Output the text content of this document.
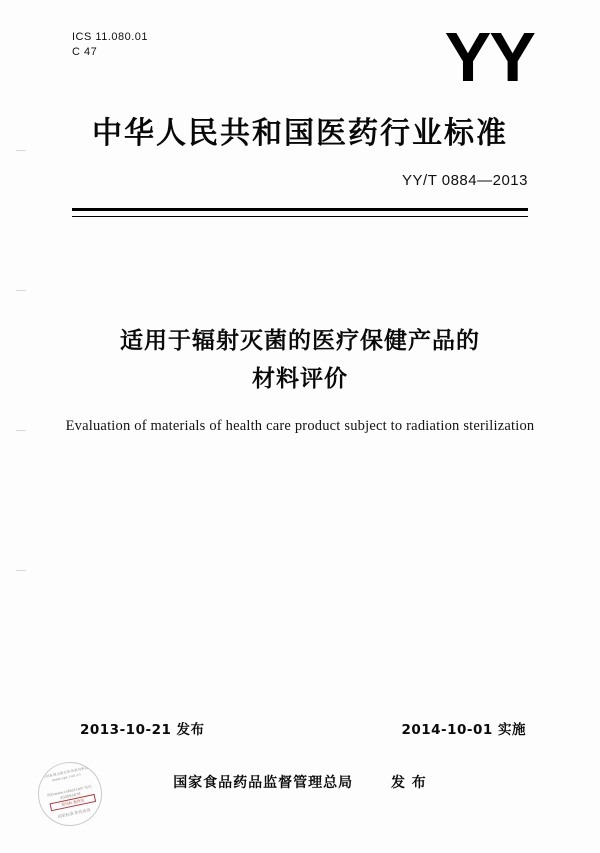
ICS 11.080.01
C 47	YY
中华人民共和国医药行业标准
YY/T 0884—2013
适用于辐射灭菌的医疗保健产品的
材料评价
Evaluation of materials of health care product subject to radiation sterilization
2013-10-21 发布	2014-10-01 实施
国家食品药品监督管理总局	发 布
中国标准出版社防伪查询系统 www.spc.net.cn
网站www.cnfwzf.com 电话400063878
防伪标 查真伪
国家标准 防伪查询
